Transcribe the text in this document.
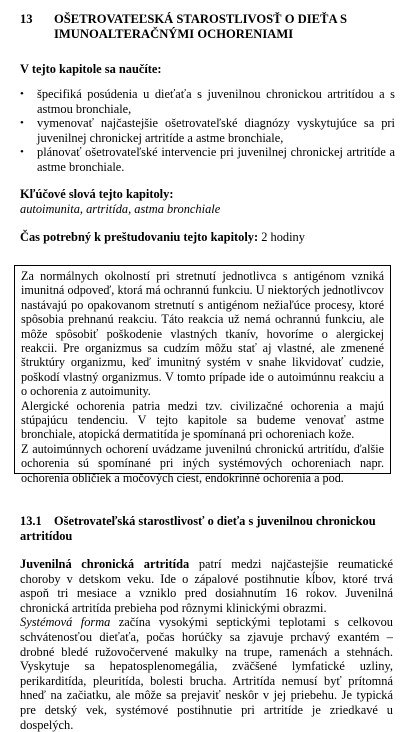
13 OŠETROVATEĽSKÁ STAROSTLIVOSŤ O DIEŤA S IMUNOALTERAČNÝMI OCHORENIAMI
V tejto kapitole sa naučíte:
• špecifiká posúdenia u dieťaťa s juvenilnou chronickou artritídou a s astmou bronchiale,
• vymenovať najčastejšie ošetrovateľské diagnózy vyskytujúce sa pri juvenilnej chronickej artritíde a astme bronchiale,
• plánovať ošetrovateľské intervencie pri juvenilnej chronickej artritíde a astme bronchiale.
Kľúčové slová tejto kapitoly:
autoimunita, artritída, astma bronchiale
Čas potrebný k preštudovaniu tejto kapitoly: 2 hodiny

Za normálnych okolností pri stretnutí jednotlivca s antigénom vzniká imunitná odpoveď, ktorá má ochrannú funkciu. U niektorých jednotlivcov nastávajú po opakovanom stretnutí s antigénom nežiaľúce procesy, ktoré spôsobia prehnanú reakciu. Táto reakcia už nemá ochrannú funkciu, ale môže spôsobiť poškodenie vlastných tkanív, hovoríme o alergickej reakcii. Pre organizmus sa cudzím môžu stať aj vlastné, ale zmenené štruktúry organizmu, keď imunitný systém v snahe likvidovať cudzie, poškodí vlastný organizmus. V tomto prípade ide o autoimúnnu reakciu a o ochorenia z autoimunity.

Alergické ochorenia patria medzi tzv. civilizačné ochorenia a majú stúpajúcu tendenciu. V tejto kapitole sa budeme venovať astme bronchiale, atopická dermatitída je spomínaná pri ochoreniach kože.

Z autoimúnnych ochorení uvádzame juvenilnú chronickú artritídu, ďalšie ochorenia sú spomínané pri iných systémových ochoreniach napr. ochorenia obličiek a močových ciest, endokrinné ochorenia a pod.

13.1 Ošetrovateľská starostlivosť o dieťa s juvenilnou chronickou
artritídou

Juvenilná chronická artritída patrí medzi najčastejšie reumatické choroby v detskom veku. Ide o zápalové postihnutie kĺbov, ktoré trvá aspoň tri mesiace a vzniklo pred dosiahnutím 16 rokov. Juvenilná chronická artritída prebieha pod rôznymi klinickými obrazmi.

Systémová forma začína vysokými septickými teplotami s celkovou schvátenosťou dieťaťa, počas horúčky sa zjavuje prchavý exantém – drobné bledé ružovočervené makulky na trupe, ramenách a stehnách. Vyskytuje sa hepatosplenomegália, zväčšené lymfatické uzliny, perikarditída, pleuritída, bolesti brucha. Artritída nemusí byť prítomná hneď na začiatku, ale môže sa prejaviť neskôr v jej priebehu. Je typická pre detský vek, systémové postihnutie pri artritíde je zriedkavé u dospelých.
